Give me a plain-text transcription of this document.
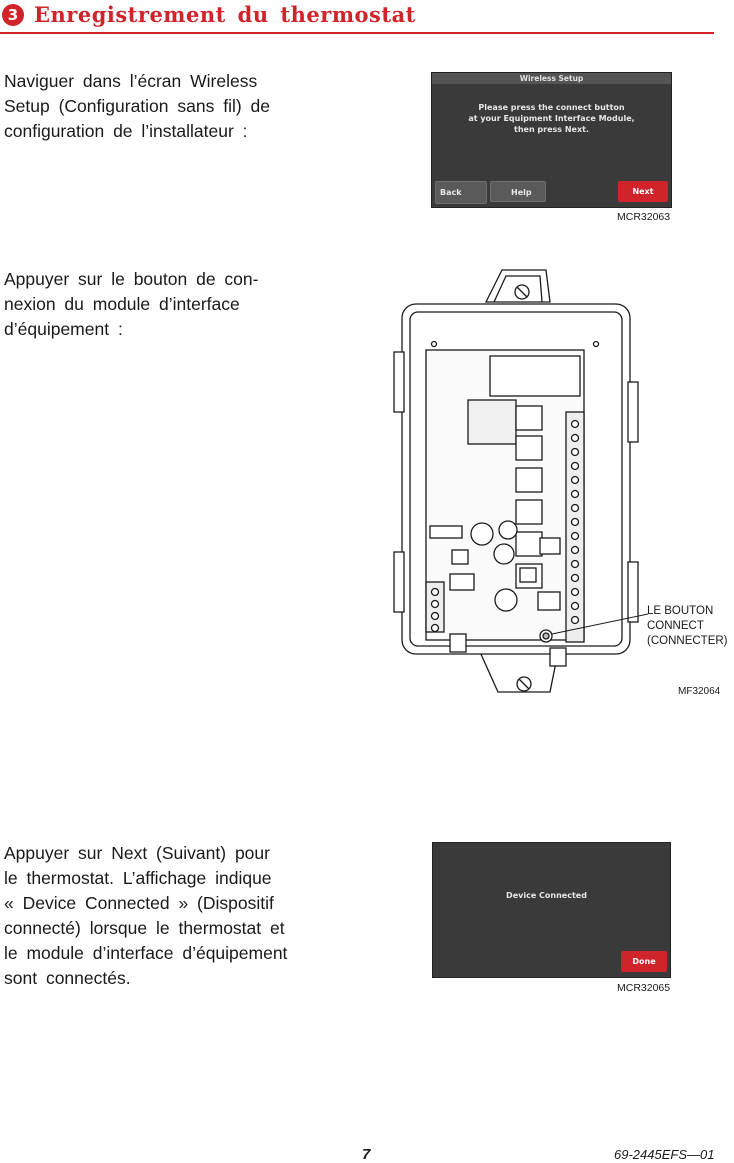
3 Enregistrement du thermostat
Naviguer dans l’écran Wireless
Setup (Configuration sans fil) de
configuration de l’installateur :
Wireless Setup
Please press the connect button
at your Equipment Interface Module,
then press Next.
Back	Help	Next
MCR32063
Appuyer sur le bouton de con-
nexion du module d’interface
d’équipement :
LE BOUTON
CONNECT
(CONNECTER)
MF32064
Appuyer sur Next (Suivant) pour
le thermostat. L’affichage indique
« Device Connected » (Dispositif
connecté) lorsque le thermostat et
le module d’interface d’équipement
sont connectés.
Device Connected
Done
MCR32065
7	69-2445EFS—01
